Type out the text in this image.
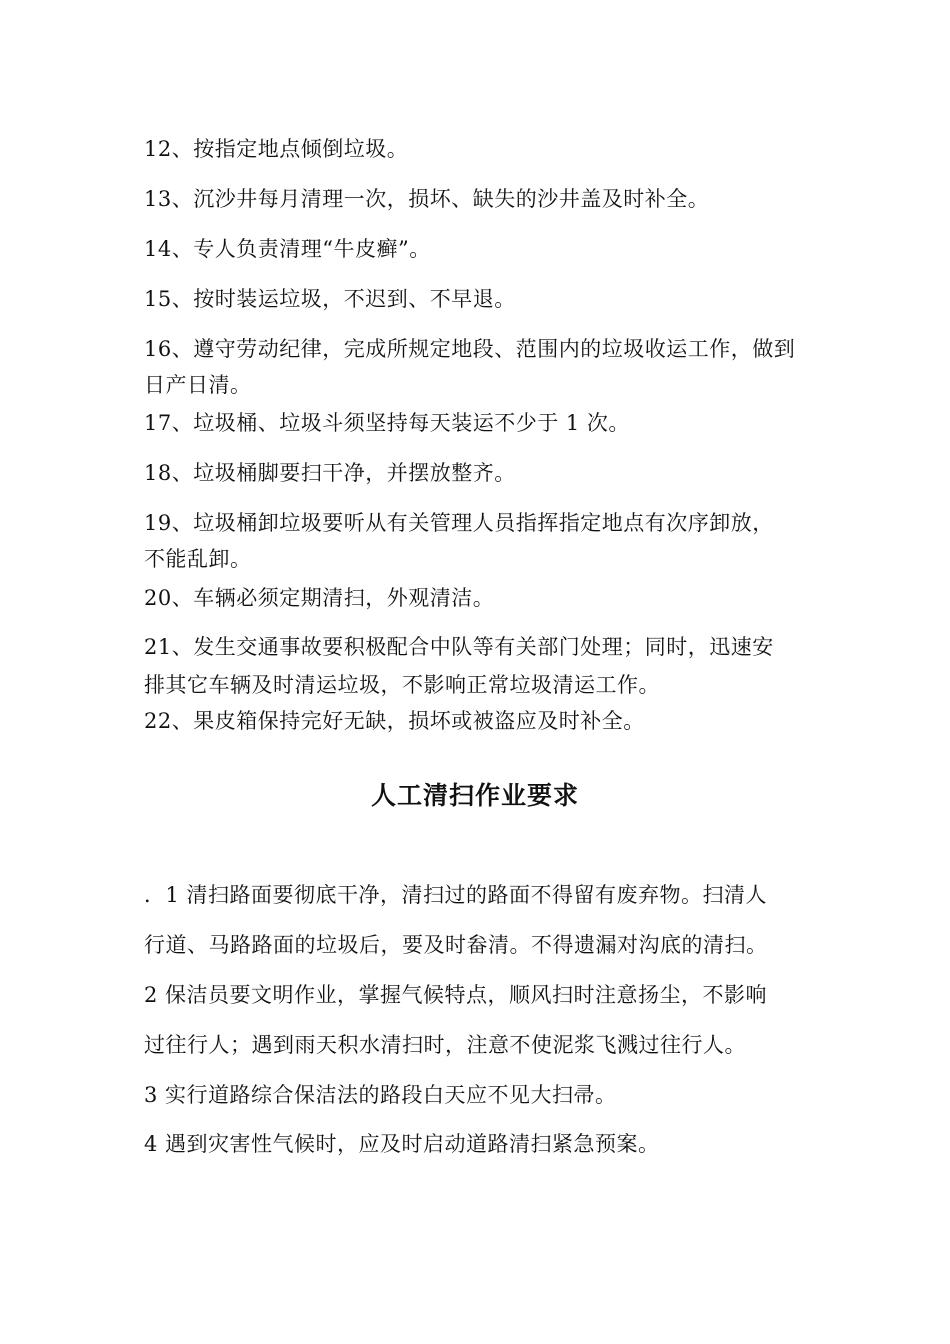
12、按指定地点倾倒垃圾。
13、沉沙井每月清理一次，损坏、缺失的沙井盖及时补全。
14、专人负责清理“牛皮癣”。
15、按时装运垃圾，不迟到、不早退。
16、遵守劳动纪律，完成所规定地段、范围内的垃圾收运工作，做到
日产日清。
17、垃圾桶、垃圾斗须坚持每天装运不少于 1 次。
18、垃圾桶脚要扫干净，并摆放整齐。
19、垃圾桶卸垃圾要听从有关管理人员指挥指定地点有次序卸放，
不能乱卸。
20、车辆必须定期清扫，外观清洁。
21、发生交通事故要积极配合中队等有关部门处理；同时，迅速安
排其它车辆及时清运垃圾，不影响正常垃圾清运工作。
22、果皮箱保持完好无缺，损坏或被盗应及时补全。
人工清扫作业要求
．1 清扫路面要彻底干净，清扫过的路面不得留有废弃物。扫清人
行道、马路路面的垃圾后，要及时畚清。不得遗漏对沟底的清扫。
2 保洁员要文明作业，掌握气候特点，顺风扫时注意扬尘，不影响
过往行人；遇到雨天积水清扫时，注意不使泥浆飞溅过往行人。
3 实行道路综合保洁法的路段白天应不见大扫帚。
4 遇到灾害性气候时，应及时启动道路清扫紧急预案。
